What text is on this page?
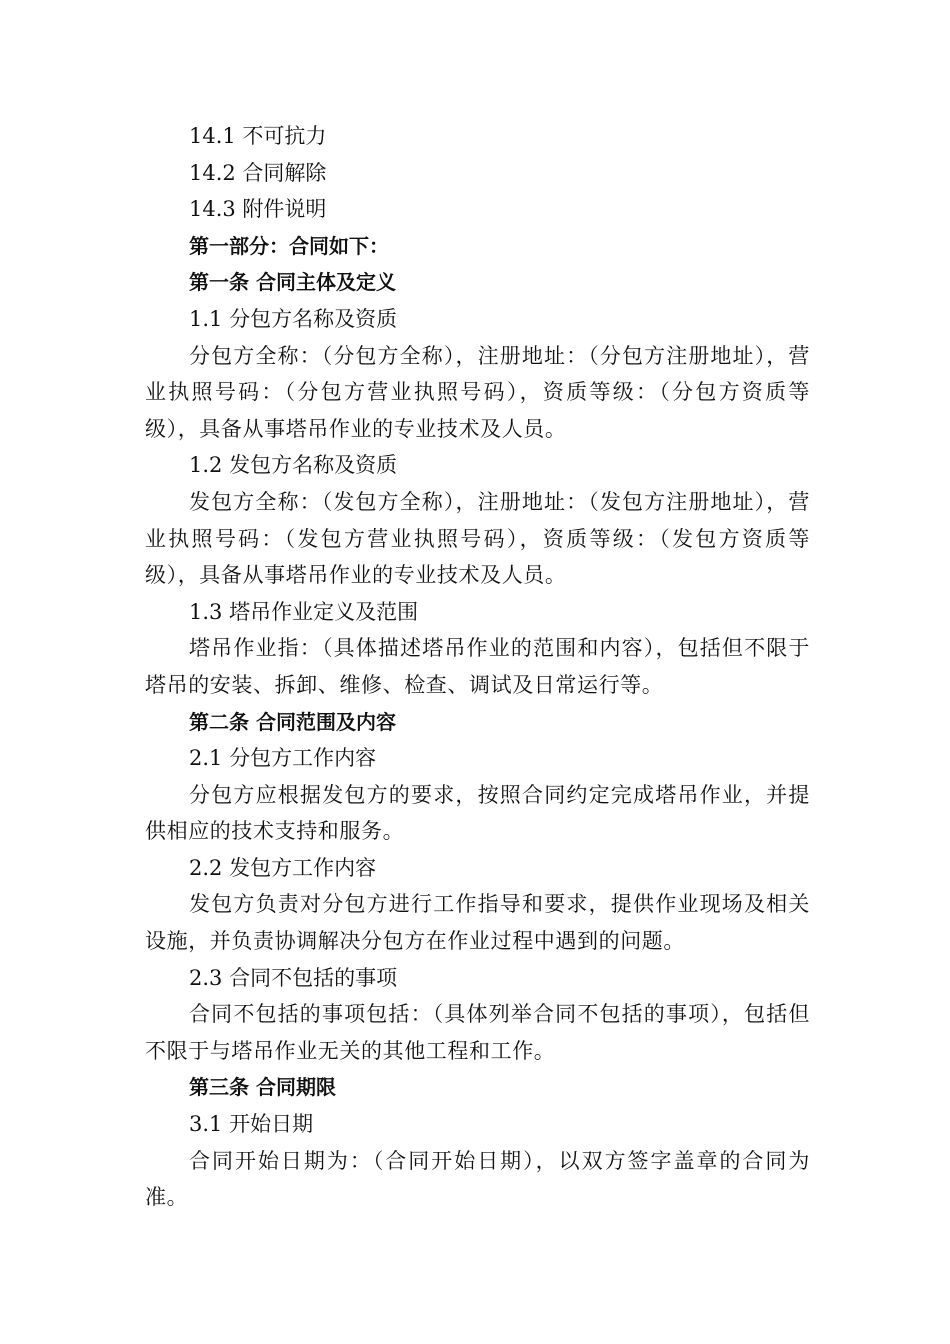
14.1 不可抗力

14.2 合同解除

14.3 附件说明

第一部分：合同如下：

第一条 合同主体及定义

1.1 分包方名称及资质

分包方全称：（分包方全称），注册地址：（分包方注册地址），营业执照号码：（分包方营业执照号码），资质等级：（分包方资质等级），具备从事塔吊作业的专业技术及人员。

1.2 发包方名称及资质

发包方全称：（发包方全称），注册地址：（发包方注册地址），营业执照号码：（发包方营业执照号码），资质等级：（发包方资质等级），具备从事塔吊作业的专业技术及人员。

1.3 塔吊作业定义及范围

塔吊作业指：（具体描述塔吊作业的范围和内容），包括但不限于塔吊的安装、拆卸、维修、检查、调试及日常运行等。

第二条 合同范围及内容

2.1 分包方工作内容

分包方应根据发包方的要求，按照合同约定完成塔吊作业，并提供相应的技术支持和服务。

2.2 发包方工作内容

发包方负责对分包方进行工作指导和要求，提供作业现场及相关设施，并负责协调解决分包方在作业过程中遇到的问题。

2.3 合同不包括的事项

合同不包括的事项包括：（具体列举合同不包括的事项），包括但不限于与塔吊作业无关的其他工程和工作。

第三条 合同期限

3.1 开始日期

合同开始日期为：（合同开始日期），以双方签字盖章的合同为准。
